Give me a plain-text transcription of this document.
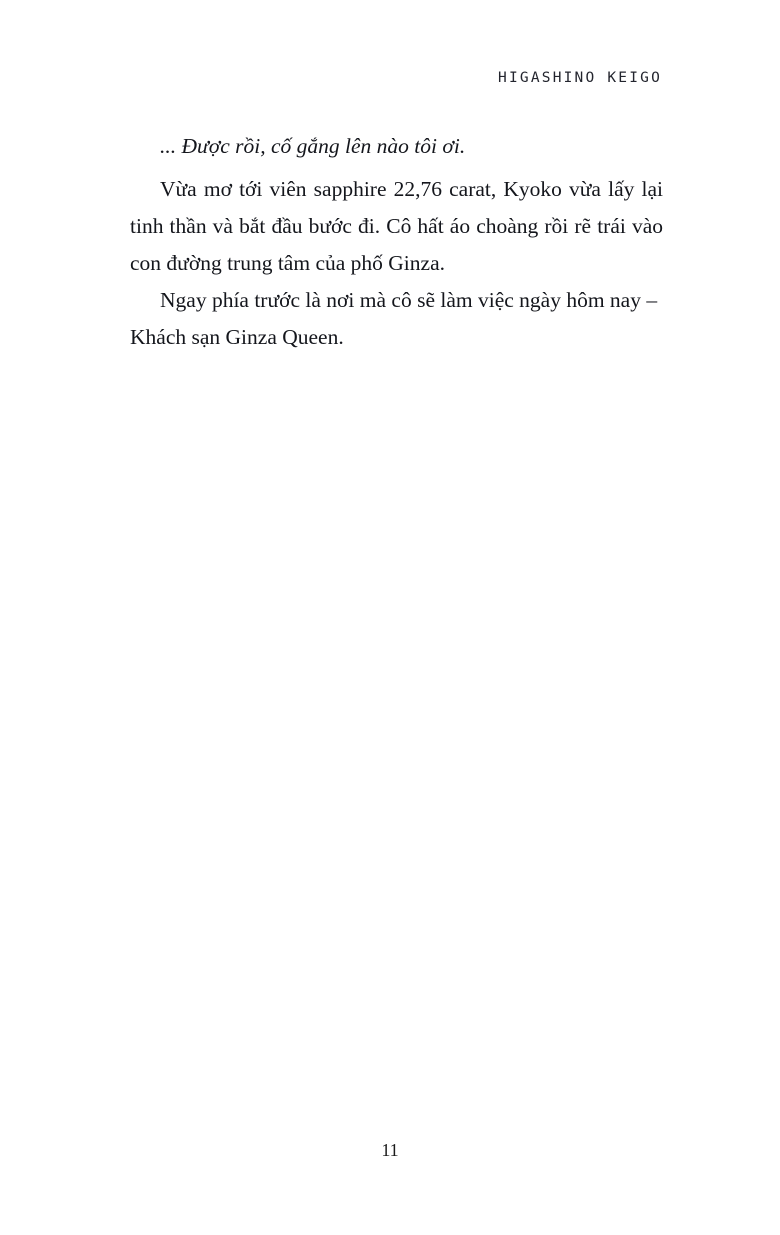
HIGASHINO KEIGO

... Được rồi, cố gắng lên nào tôi ơi.

Vừa mơ tới viên sapphire 22,76 carat, Kyoko vừa lấy lại tinh thần và bắt đầu bước đi. Cô hất áo choàng rồi rẽ trái vào con đường trung tâm của phố Ginza.

Ngay phía trước là nơi mà cô sẽ làm việc ngày hôm nay – Khách sạn Ginza Queen.

11
